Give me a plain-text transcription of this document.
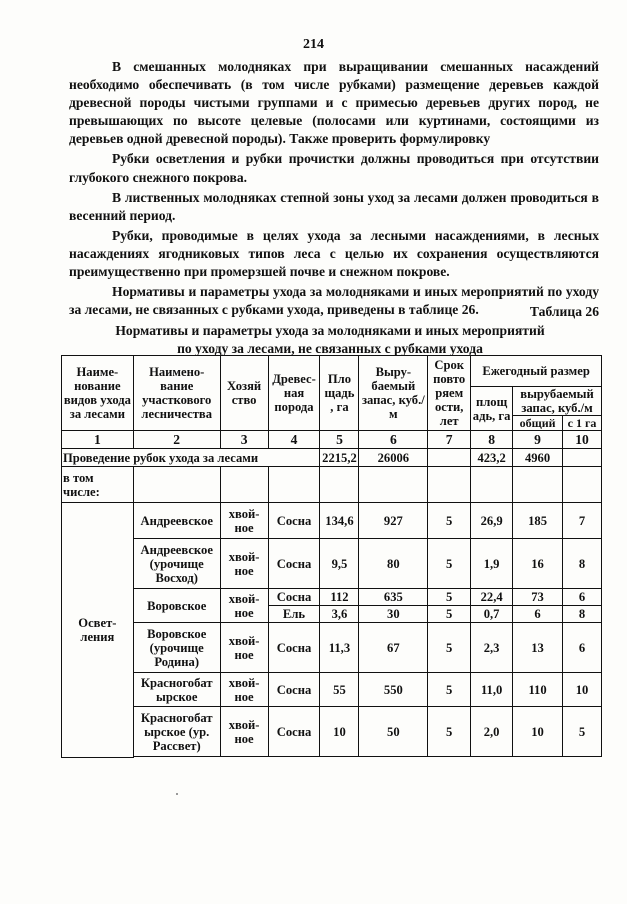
214

В смешанных молодняках при выращивании смешанных насаждений необходимо обеспечивать (в том числе рубками) размещение деревьев каждой древесной породы чистыми группами и с примесью деревьев других пород, не превышающих по высоте целевые (полосами или куртинами, состоящими из деревьев одной древесной породы). Также проверить формулировку

Рубки осветления и рубки прочистки должны проводиться при отсутствии глубокого снежного покрова.

В лиственных молодняках степной зоны уход за лесами должен проводиться в весенний период.

Рубки, проводимые в целях ухода за лесными насаждениями, в лесных насаждениях ягодниковых типов леса с целью их сохранения осуществляются преимущественно при промерзшей почве и снежном покрове.

Нормативы и параметры ухода за молодняками и иных мероприятий по уходу за лесами, не связанных с рубками ухода, приведены в таблице 26.	Таблица 26
Нормативы и параметры ухода за молодняками и иных мероприятий
по уходу за лесами, не связанных с рубками ухода
Наиме-нование видов ухода за лесами	Наимено-вание участкового лесничества	Хозяй ство	Древес-ная порода	Пло щадь , га	Выру-баемый запас, куб./м	Срок повто ряем ости, лет	Ежегодный размер		
							площ адь, га	вырубаемый запас, куб./м	
								общий	с 1 га
1	2	3	4	5	6	7	8	9	10
Проведение рубок ухода за лесами				2215,2	26006		423,2	4960	
в том числе:									
Освет-ления	Андреевское	хвой-ное	Сосна	134,6	927	5	26,9	185	7
	Андреевское (урочище Восход)	хвой-ное	Сосна	9,5	80	5	1,9	16	8
	Воровское	хвой-ное	Сосна	112	635	5	22,4	73	6
			Ель	3,6	30	5	0,7	6	8
	Воровское (урочище Родина)	хвой-ное	Сосна	11,3	67	5	2,3	13	6
	Красногобат ырское	хвой-ное	Сосна	55	550	5	11,0	110	10
	Красногобат ырское (ур. Рассвет)	хвой-ное	Сосна	10	50	5	2,0	10	5
